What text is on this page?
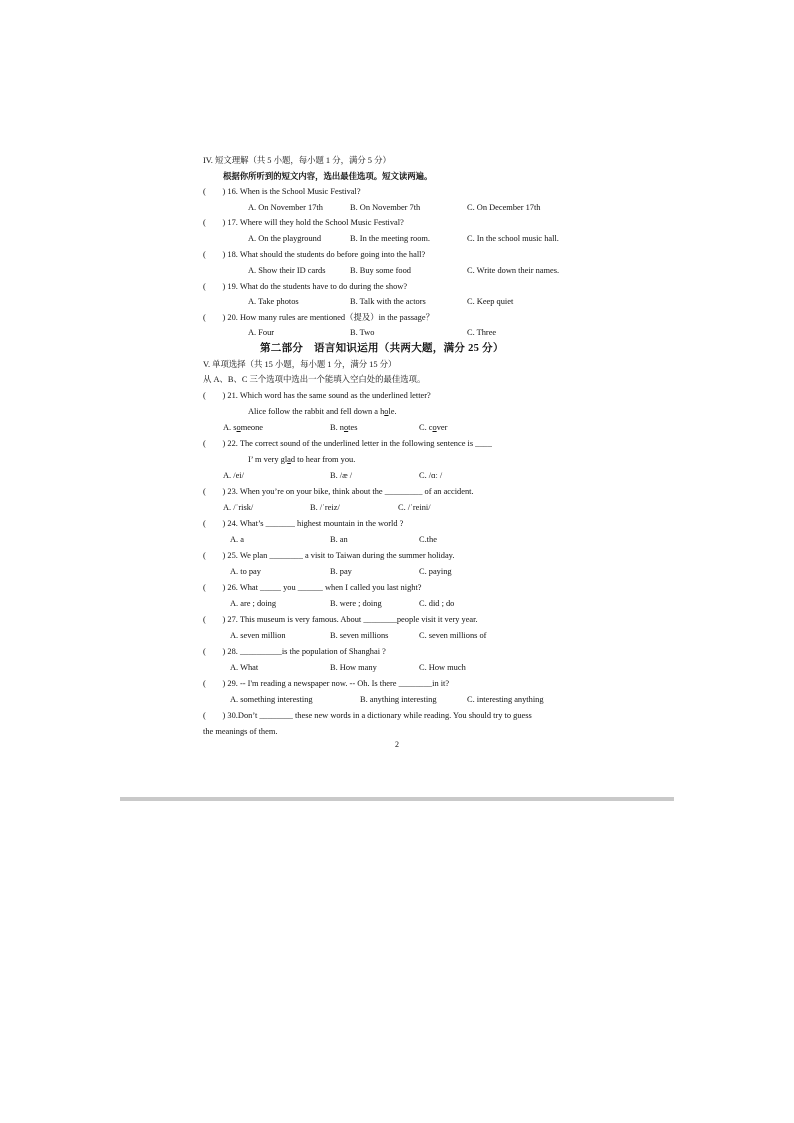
IV. 短文理解（共 5 小题，每小题 1 分，满分 5 分）
根据你所听到的短文内容，选出最佳选项。短文读两遍。
(　　) 16. When is the School Music Festival?
A. On November 17th	B. On November 7th	C. On December 17th
(　　) 17. Where will they hold the School Music Festival?
A. On the playground	B. In the meeting room.	C. In the school music hall.
(　　) 18. What should the students do before going into the hall?
A. Show their ID cards	B. Buy some food	C. Write down their names.
(　　) 19. What do the students have to do during the show?
A. Take photos	B. Talk with the actors	C. Keep quiet
(　　) 20. How many rules are mentioned（提及）in the passage？
A. Four	B. Two	C. Three
第二部分　语言知识运用（共两大题，满分 25 分）
V. 单项选择（共 15 小题，每小题 1 分，满分 15 分）
从 A、B、C 三个选项中选出一个能填入空白处的最佳选项。
(　　) 21. Which word has the same sound as the underlined letter?
Alice follow the rabbit and fell down a hole.
A. someone	B. notes	C. cover
(　　) 22. The correct sound of the underlined letter in the following sentence is ____
I’ m very glad to hear from you.
A. /ei/	B. /æ /	C. /ɑː /
(　　) 23. When you’re on your bike, think about the _________ of an accident.
A. /ˈrisk/	B. /ˈreiz/	C. /ˈreini/
(　　) 24. What’s _______ highest mountain in the world ?
A. a	B. an	C.the
(　　) 25. We plan ________ a visit to Taiwan during the summer holiday.
A. to pay	B. pay	C. paying
(　　) 26. What _____ you ______ when I called you last night?
A. are ; doing	B. were ; doing	C. did ; do
(　　) 27. This museum is very famous. About ________people visit it very year.
A. seven million	B. seven millions	C. seven millions of
(　　) 28. __________is the population of Shanghai ?
A. What	B. How many	C. How much
(　　) 29. -- I'm reading a newspaper now. -- Oh. Is there ________in it?
A. something interesting	B. anything interesting	C. interesting anything
(　　) 30.Don’t ________ these new words in a dictionary while reading. You should try to guess
the meanings of them.
2
